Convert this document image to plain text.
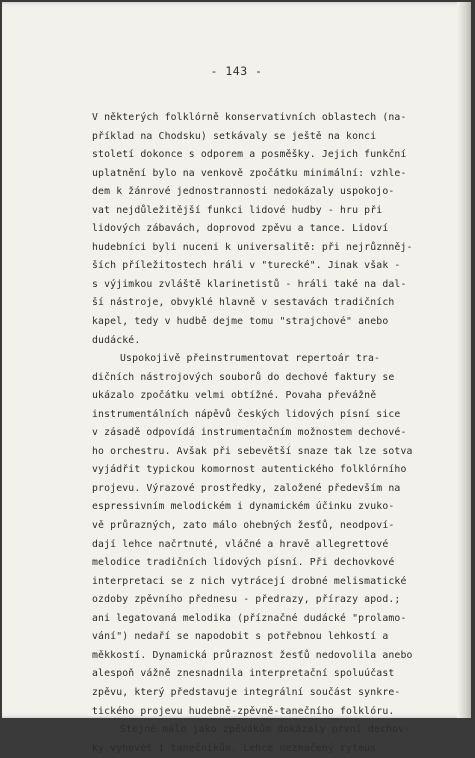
- 143 -
V některých folklórně konservativních oblastech (na-
příklad na Chodsku) setkávaly se ještě na konci
století dokonce s odporem a posměšky. Jejich funkční
uplatnění bylo na venkově zpočátku minimální: vzhle-
dem k žánrové jednostrannosti nedokázaly uspokojo-
vat nejdůležitější funkci lidové hudby - hru při
lidových zábavách, doprovod zpěvu a tance. Lidoví
hudebníci byli nuceni k universalitě: při nejrůznněj-
ších příležitostech hráli v "turecké". Jinak však -
s výjimkou zvláště klarinetistů - hráli také na dal-
ší nástroje, obvyklé hlavně v sestavách tradičních
kapel, tedy v hudbě dejme tomu "strajchové" anebo
dudácké.
Uspokojivě přeinstrumentovat repertoár tra-
dičních nástrojových souborů do dechové faktury se
ukázalo zpočátku velmi obtížné. Povaha převážně
instrumentálních nápěvů českých lidových písní sice
v zásadě odpovídá instrumentačním možnostem dechové-
ho orchestru. Avšak při sebevětší snaze tak lze sotva
vyjádřit typickou komornost autentického folklórního
projevu. Výrazové prostředky, založené především na
espressivním melodickém i dynamickém účinku zvuko-
vě průrazných, zato málo ohebných žesťů, neodpoví-
dají lehce načrtnuté, vláčné a hravě allegrettové
melodice tradičních lidových písní. Při dechovkové
interpretaci se z nich vytrácejí drobné melismatické
ozdoby zpěvního přednesu - předrazy, přírazy apod.;
ani legatovaná melodika (příznačné dudácké "prolamo-
vání") nedaří se napodobit s potřebnou lehkostí a
měkkostí. Dynamická průraznost žesťů nedovolila anebo
alespoň vážně znesnadnila interpretační spoluúčast
zpěvu, který představuje integrální součást synkre-
tického projevu hudebně-zpěvně-tanečního folklóru.
Stejně málo jako zpěvákům dokázaly první dechov-
ky vyhovět i tanečníkům. Lehce neznačený rytmus
